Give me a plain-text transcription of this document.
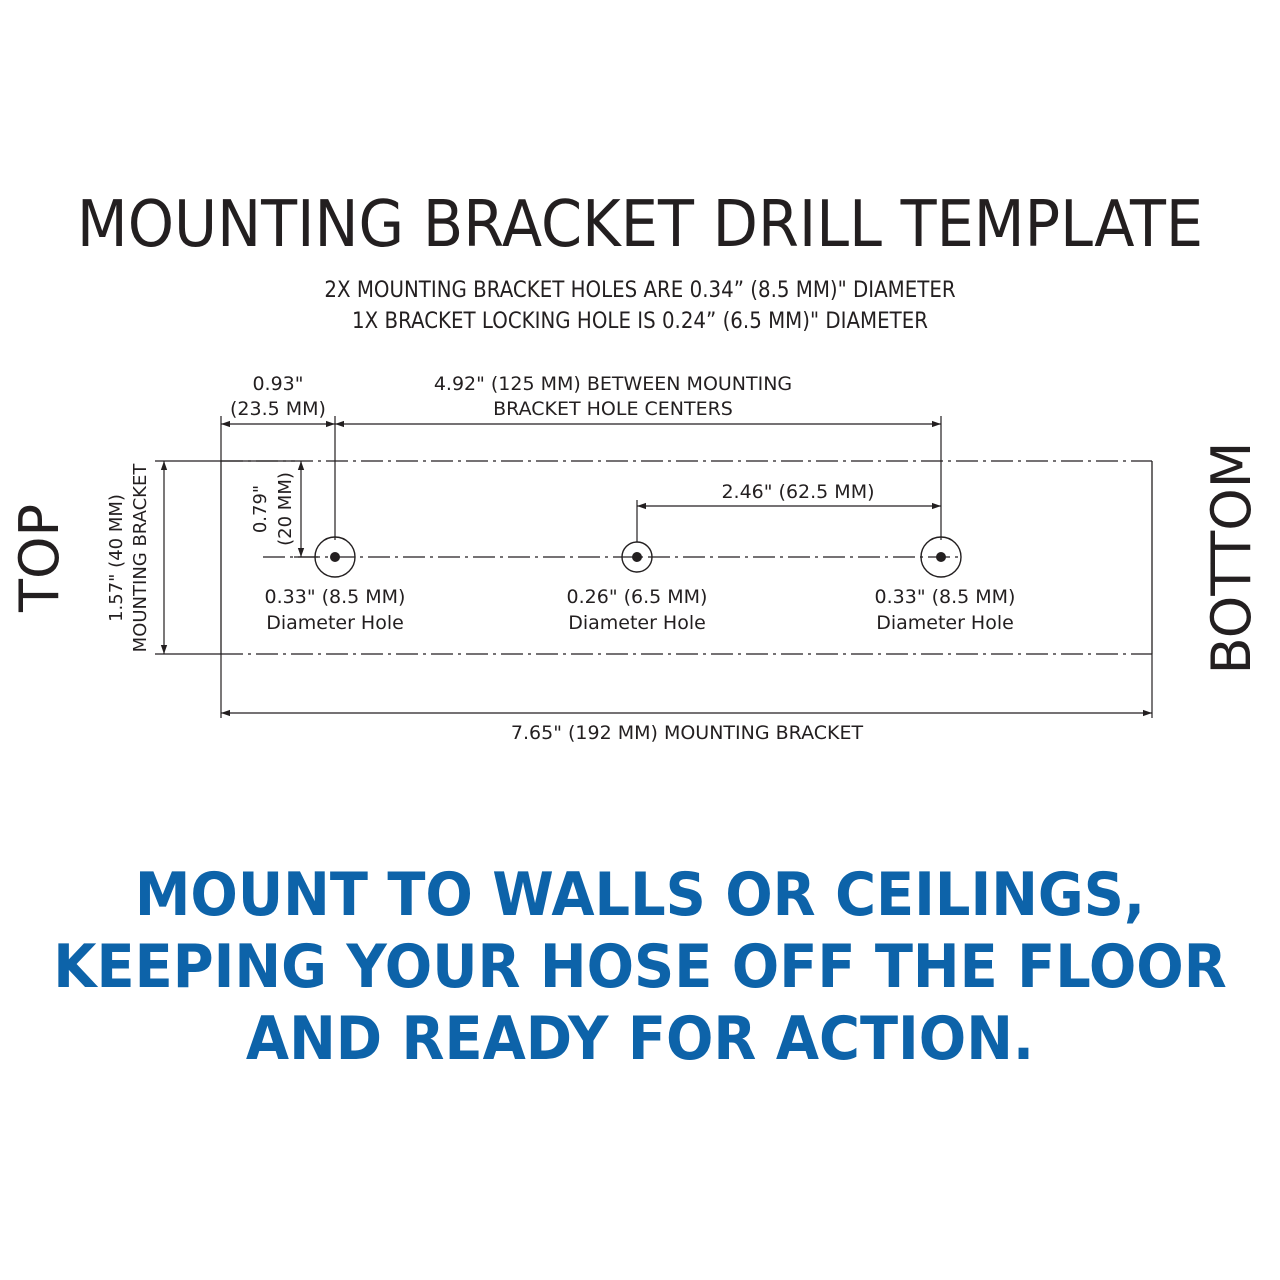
MOUNTING BRACKET DRILL TEMPLATE
2X MOUNTING BRACKET HOLES ARE 0.34” (8.5 MM)" DIAMETER
1X BRACKET LOCKING HOLE IS 0.24” (6.5 MM)" DIAMETER
0.93"
(23.5 MM)
4.92" (125 MM) BETWEEN MOUNTING
BRACKET HOLE CENTERS
2.46" (62.5 MM)
0.79" (20 MM)
1.57" (40 MM) MOUNTING BRACKET
7.65" (192 MM) MOUNTING BRACKET
0.33" (8.5 MM)
Diameter Hole
0.26" (6.5 MM)
Diameter Hole
0.33" (8.5 MM)
Diameter Hole
TOP	BOTTOM
MOUNT TO WALLS OR CEILINGS,
KEEPING YOUR HOSE OFF THE FLOOR
AND READY FOR ACTION.
